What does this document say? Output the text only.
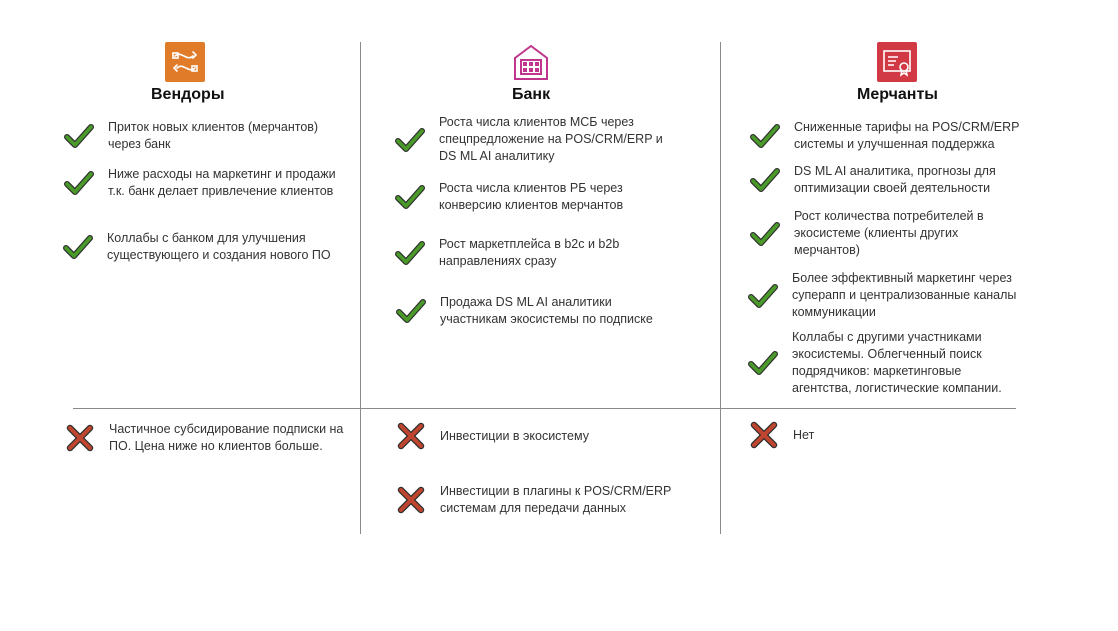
Вендоры	Банк	Мерчанты
Приток новых клиентов (мерчантов) через банк
Ниже расходы на маркетинг и продажи т.к. банк делает привлечение клиентов
Коллабы с банком для улучшения существующего и создания нового ПО
Роста числа клиентов МСБ через спецпредложение на POS/CRM/ERP и DS ML AI аналитику
Роста числа клиентов РБ через конверсию клиентов мерчантов
Рост маркетплейса в b2c и b2b направлениях сразу
Продажа DS ML AI аналитики участникам экосистемы по подписке
Сниженные тарифы на POS/CRM/ERP системы и улучшенная поддержка
DS ML AI аналитика, прогнозы для оптимизации своей деятельности
Рост количества потребителей в экосистеме (клиенты других мерчантов)
Более эффективный маркетинг через суперапп и централизованные каналы коммуникации
Коллабы с другими участниками экосистемы. Облегченный поиск подрядчиков: маркетинговые агентства, логистические компании.
Частичное субсидирование подписки на ПО. Цена ниже но клиентов больше.
Инвестиции в экосистему
Инвестиции в плагины к POS/CRM/ERP системам для передачи данных
Нет
